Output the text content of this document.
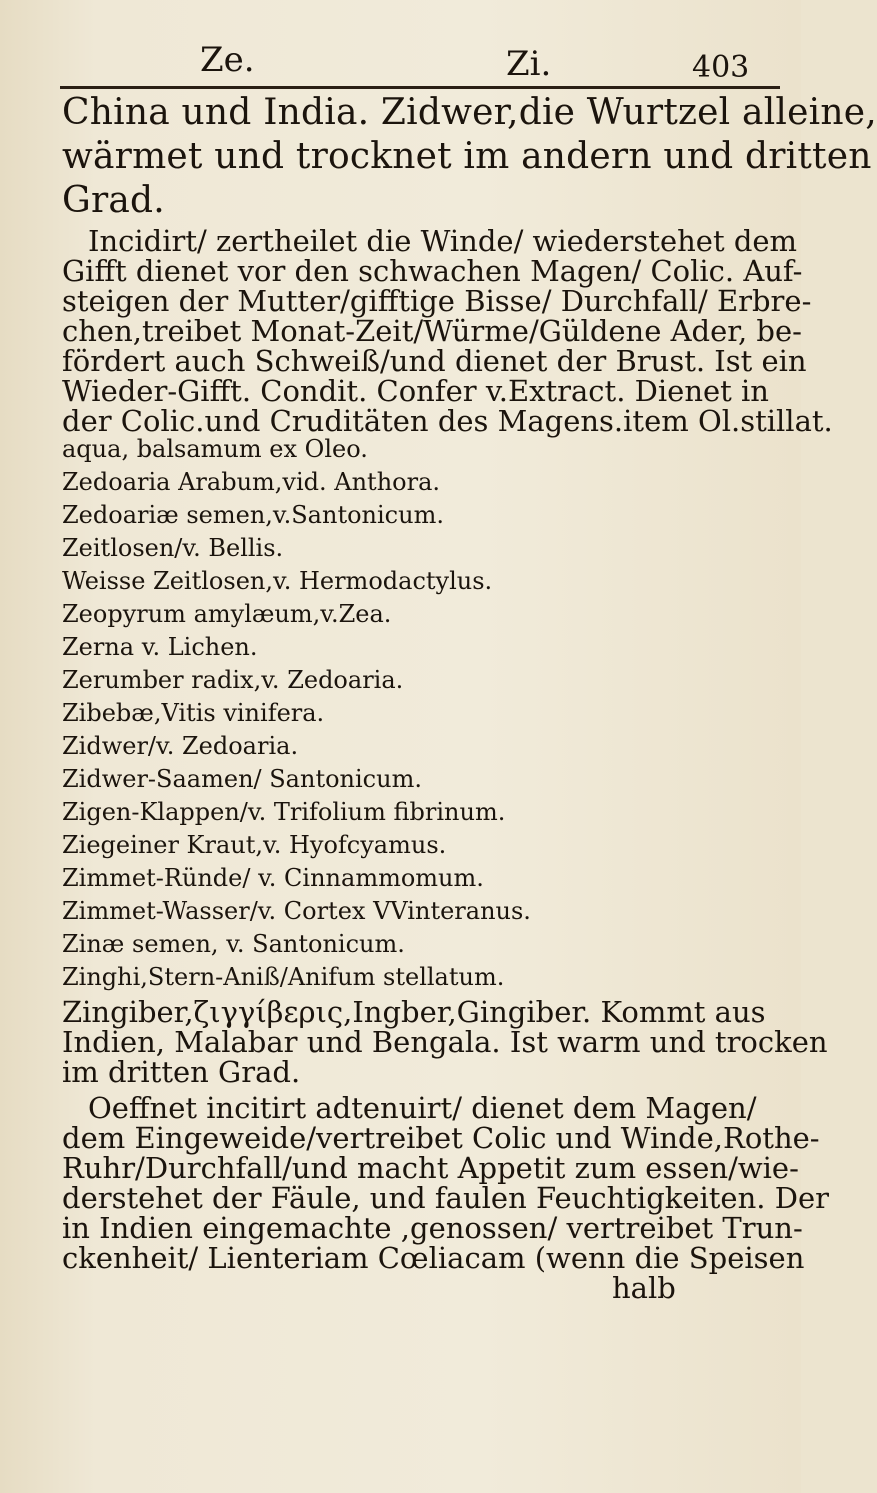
Ze.	Zi.	403
China und India. Zidwer,die Wurtzel alleine,
wärmet und trocknet im andern und dritten
Grad.
Incidirt/ zertheilet die Winde/ wiederstehet dem
Gifft dienet vor den schwachen Magen/ Colic. Auf-
steigen der Mutter/gifftige Bisse/ Durchfall/ Erbre-
chen,treibet Monat-Zeit/Würme/Güldene Ader, be-
fördert auch Schweiß/und dienet der Brust. Ist ein
Wieder-Gifft. Condit. Confer v.Extract. Dienet in
der Colic.und Cruditäten des Magens.item Ol.stillat.
aqua, balsamum ex Oleo.
Zedoaria Arabum,vid. Anthora.
Zedoariæ semen,v.Santonicum.
Zeitlosen/v. Bellis.
Weisse Zeitlosen,v. Hermodactylus.
Zeopyrum amylæum,v.Zea.
Zerna v. Lichen.
Zerumber radix,v. Zedoaria.
Zibebæ,Vitis vinifera.
Zidwer/v. Zedoaria.
Zidwer-Saamen/ Santonicum.
Zigen-Klappen/v. Trifolium fibrinum.
Ziegeiner Kraut,v. Hyofcyamus.
Zimmet-Ründe/ v. Cinnammomum.
Zimmet-Wasser/v. Cortex VVinteranus.
Zinæ semen, v. Santonicum.
Zinghi,Stern-Aniß/Anifum stellatum.
Zingiber,ζιγγίβερις,Ingber,Gingiber. Kommt aus
Indien, Malabar und Bengala. Ist warm und trocken
im dritten Grad.
Oeffnet incitirt adtenuirt/ dienet dem Magen/
dem Eingeweide/vertreibet Colic und Winde,Rothe-
Ruhr/Durchfall/und macht Appetit zum essen/wie-
derstehet der Fäule, und faulen Feuchtigkeiten. Der
in Indien eingemachte ,genossen/ vertreibet Trun-
ckenheit/ Lienteriam Cœliacam (wenn die Speisen
halb
